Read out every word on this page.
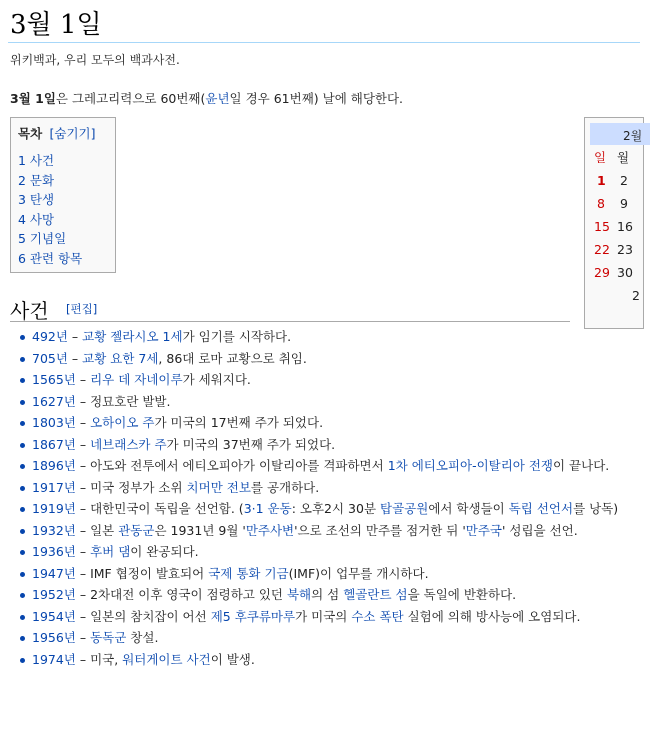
3월 1일
위키백과, 우리 모두의 백과사전.
3월 1일은 그레고리력으로 60번째(윤년일 경우 61번째) 날에 해당한다.
목차 [숨기기]
1 사건
2 문화
3 탄생
4 사망
5 기념일
6 관련 항목
2월
일 월
1 2
8 9
15 16
22 23
29 30
2
사건 [편집]
492년 – 교황 젤라시오 1세가 임기를 시작하다.
705년 – 교황 요한 7세, 86대 로마 교황으로 취임.
1565년 – 리우 데 자네이루가 세워지다.
1627년 – 정묘호란 발발.
1803년 – 오하이오 주가 미국의 17번째 주가 되었다.
1867년 – 네브래스카 주가 미국의 37번째 주가 되었다.
1896년 – 아도와 전투에서 에티오피아가 이탈리아를 격파하면서 1차 에티오피아-이탈리아 전쟁이 끝나다.
1917년 – 미국 정부가 소위 치머만 전보를 공개하다.
1919년 – 대한민국이 독립을 선언함. (3·1 운동: 오후2시 30분 탑골공원에서 학생들이 독립 선언서를 낭독)
1932년 – 일본 관동군은 1931년 9월 '만주사변'으로 조선의 만주를 점거한 뒤 '만주국' 성립을 선언.
1936년 – 후버 댐이 완공되다.
1947년 – IMF 협정이 발효되어 국제 통화 기금(IMF)이 업무를 개시하다.
1952년 – 2차대전 이후 영국이 점령하고 있던 북해의 섬 헬골란트 섬을 독일에 반환하다.
1954년 – 일본의 참치잡이 어선 제5 후쿠류마루가 미국의 수소 폭탄 실험에 의해 방사능에 오염되다.
1956년 – 동독군 창설.
1974년 – 미국, 워터게이트 사건이 발생.
